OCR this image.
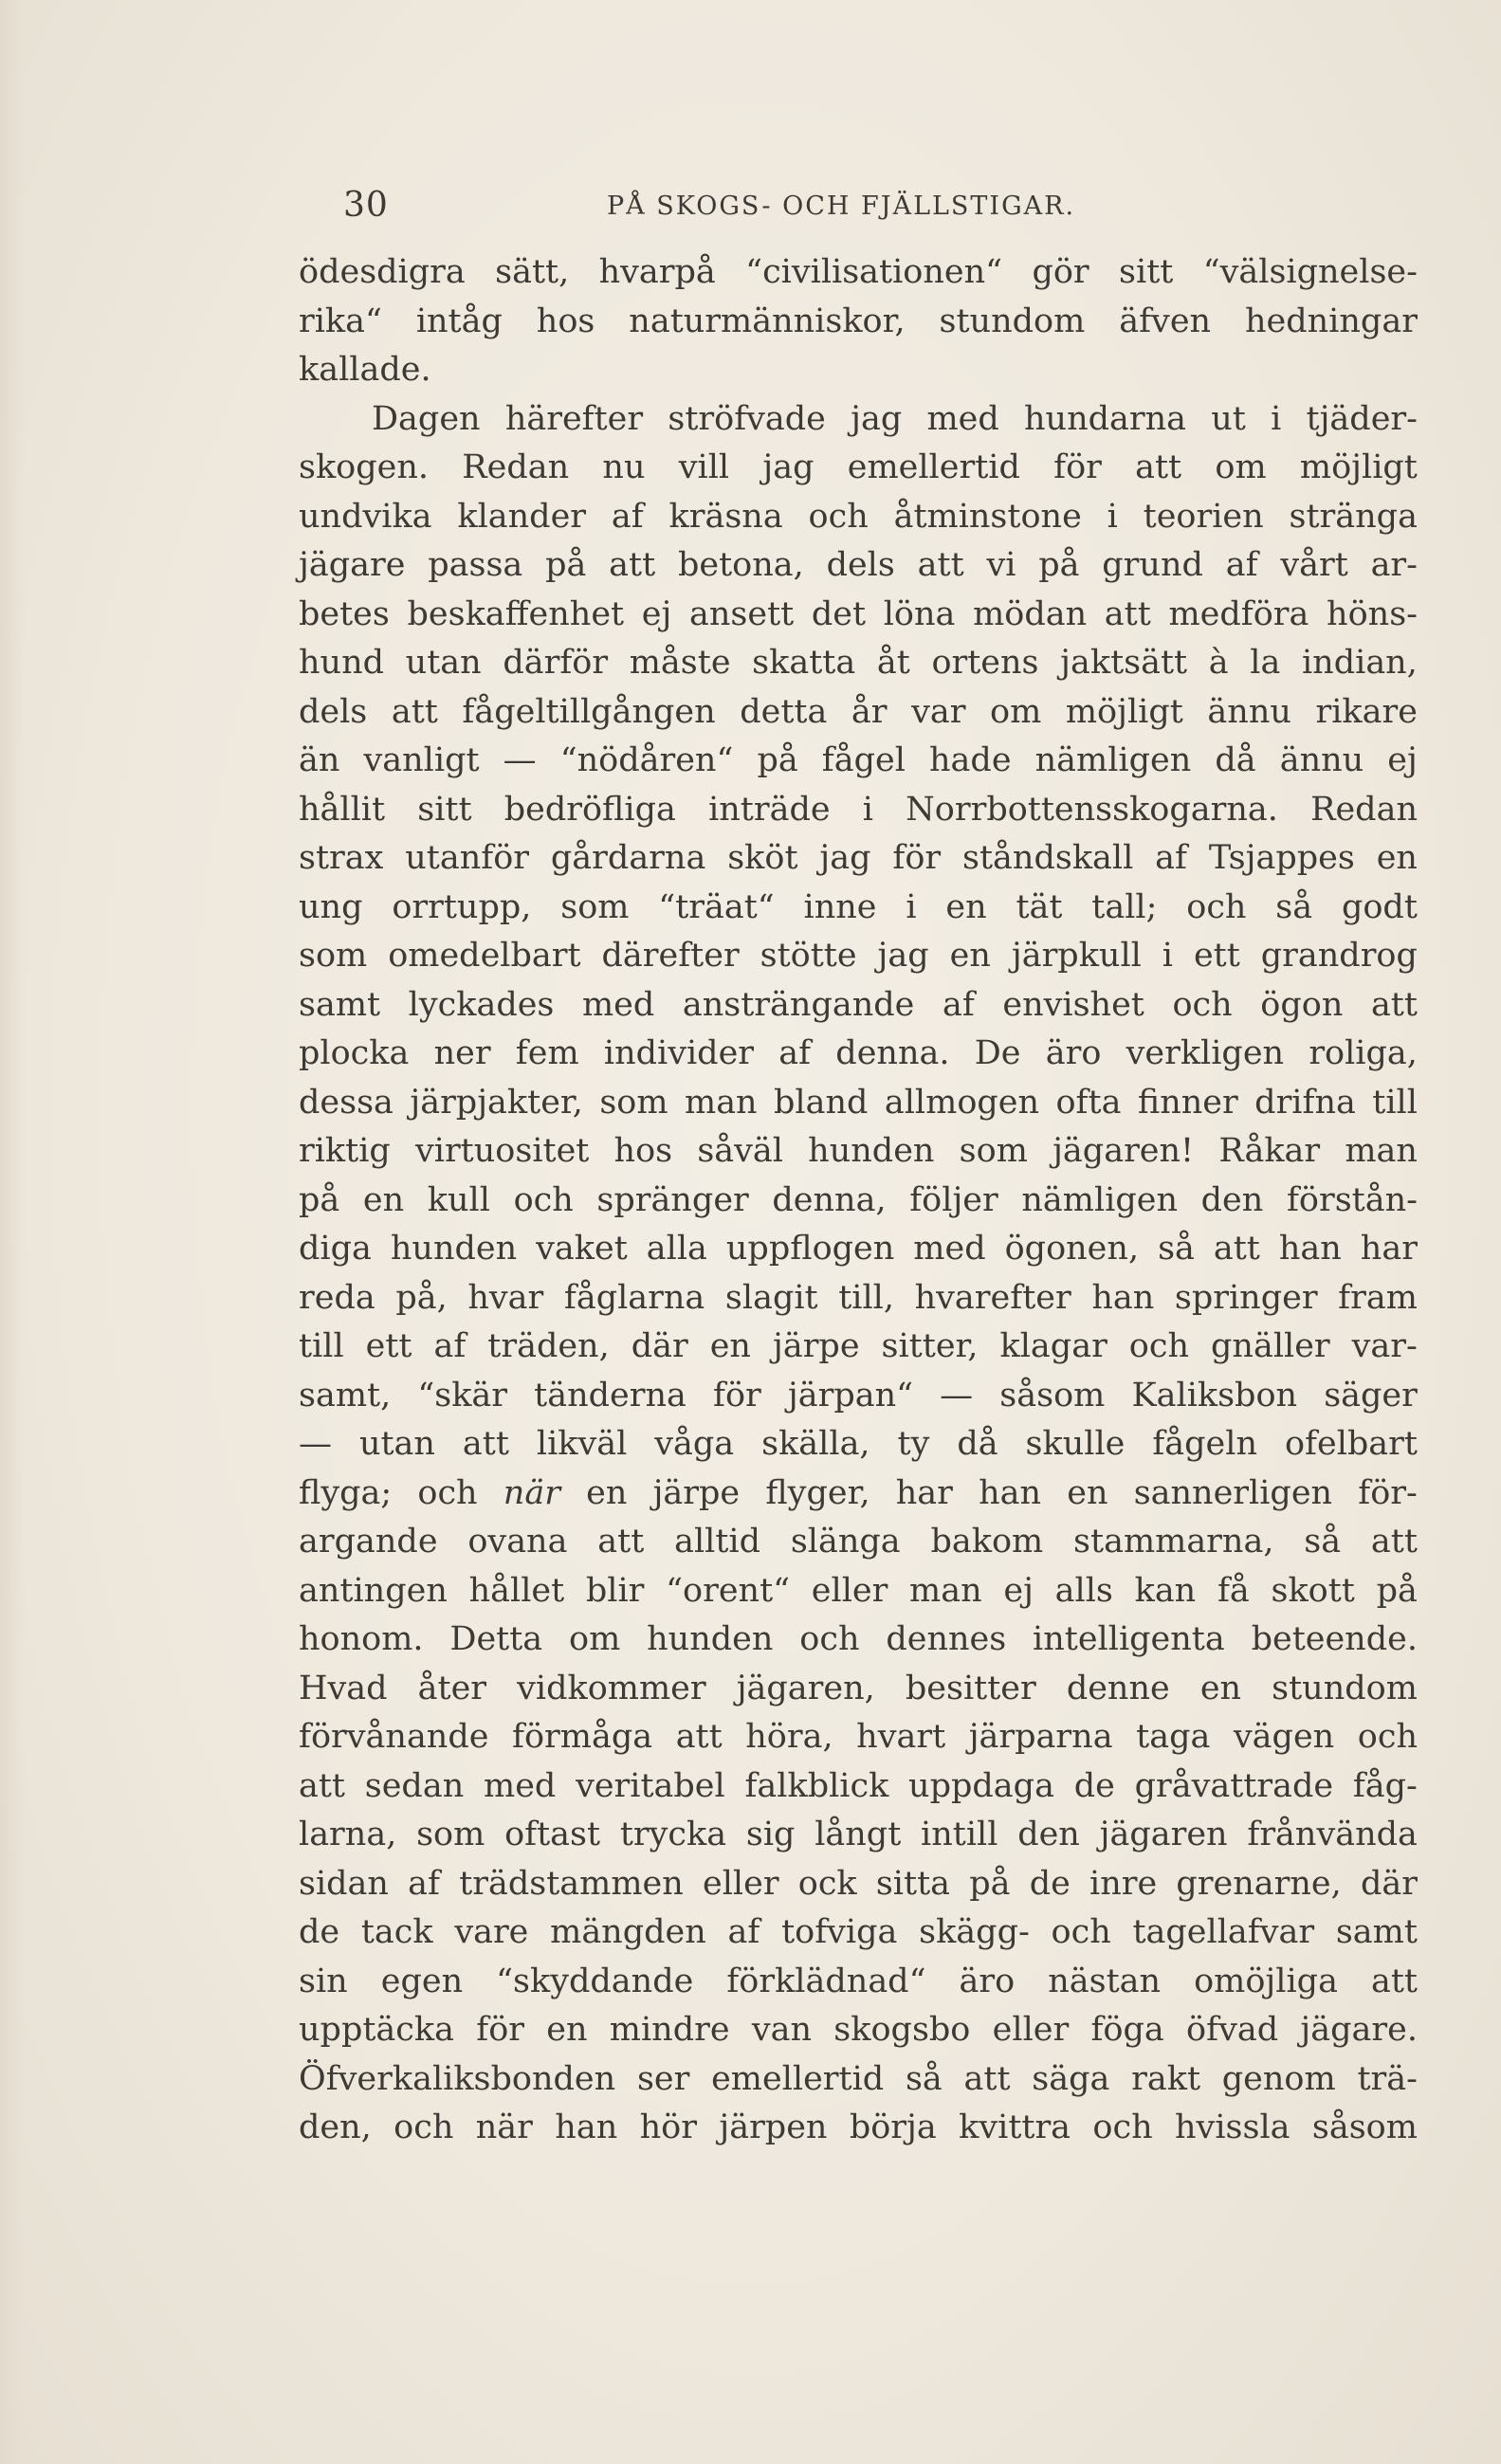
30	PÅ SKOGS- OCH FJÄLLSTIGAR.
ödesdigra sätt, hvarpå “civilisationen“ gör sitt “välsignelse-
rika“ intåg hos naturmänniskor, stundom äfven hedningar
kallade.
Dagen härefter ströfvade jag med hundarna ut i tjäder-
skogen. Redan nu vill jag emellertid för att om möjligt
undvika klander af kräsna och åtminstone i teorien stränga
jägare passa på att betona, dels att vi på grund af vårt ar-
betes beskaffenhet ej ansett det löna mödan att medföra höns-
hund utan därför måste skatta åt ortens jaktsätt à la indian,
dels att fågeltillgången detta år var om möjligt ännu rikare
än vanligt — “nödåren“ på fågel hade nämligen då ännu ej
hållit sitt bedröfliga inträde i Norrbottensskogarna. Redan
strax utanför gårdarna sköt jag för ståndskall af Tsjappes en
ung orrtupp, som “träat“ inne i en tät tall; och så godt
som omedelbart därefter stötte jag en järpkull i ett grandrog
samt lyckades med ansträngande af envishet och ögon att
plocka ner fem individer af denna. De äro verkligen roliga,
dessa järpjakter, som man bland allmogen ofta finner drifna till
riktig virtuositet hos såväl hunden som jägaren! Råkar man
på en kull och spränger denna, följer nämligen den förstån-
diga hunden vaket alla uppflogen med ögonen, så att han har
reda på, hvar fåglarna slagit till, hvarefter han springer fram
till ett af träden, där en järpe sitter, klagar och gnäller var-
samt, “skär tänderna för järpan“ — såsom Kaliksbon säger
— utan att likväl våga skälla, ty då skulle fågeln ofelbart
flyga; och när en järpe flyger, har han en sannerligen för-
argande ovana att alltid slänga bakom stammarna, så att
antingen hållet blir “orent“ eller man ej alls kan få skott på
honom. Detta om hunden och dennes intelligenta beteende.
Hvad åter vidkommer jägaren, besitter denne en stundom
förvånande förmåga att höra, hvart järparna taga vägen och
att sedan med veritabel falkblick uppdaga de gråvattrade fåg-
larna, som oftast trycka sig långt intill den jägaren frånvända
sidan af trädstammen eller ock sitta på de inre grenarne, där
de tack vare mängden af tofviga skägg- och tagellafvar samt
sin egen “skyddande förklädnad“ äro nästan omöjliga att
upptäcka för en mindre van skogsbo eller föga öfvad jägare.
Öfverkaliksbonden ser emellertid så att säga rakt genom trä-
den, och när han hör järpen börja kvittra och hvissla såsom
